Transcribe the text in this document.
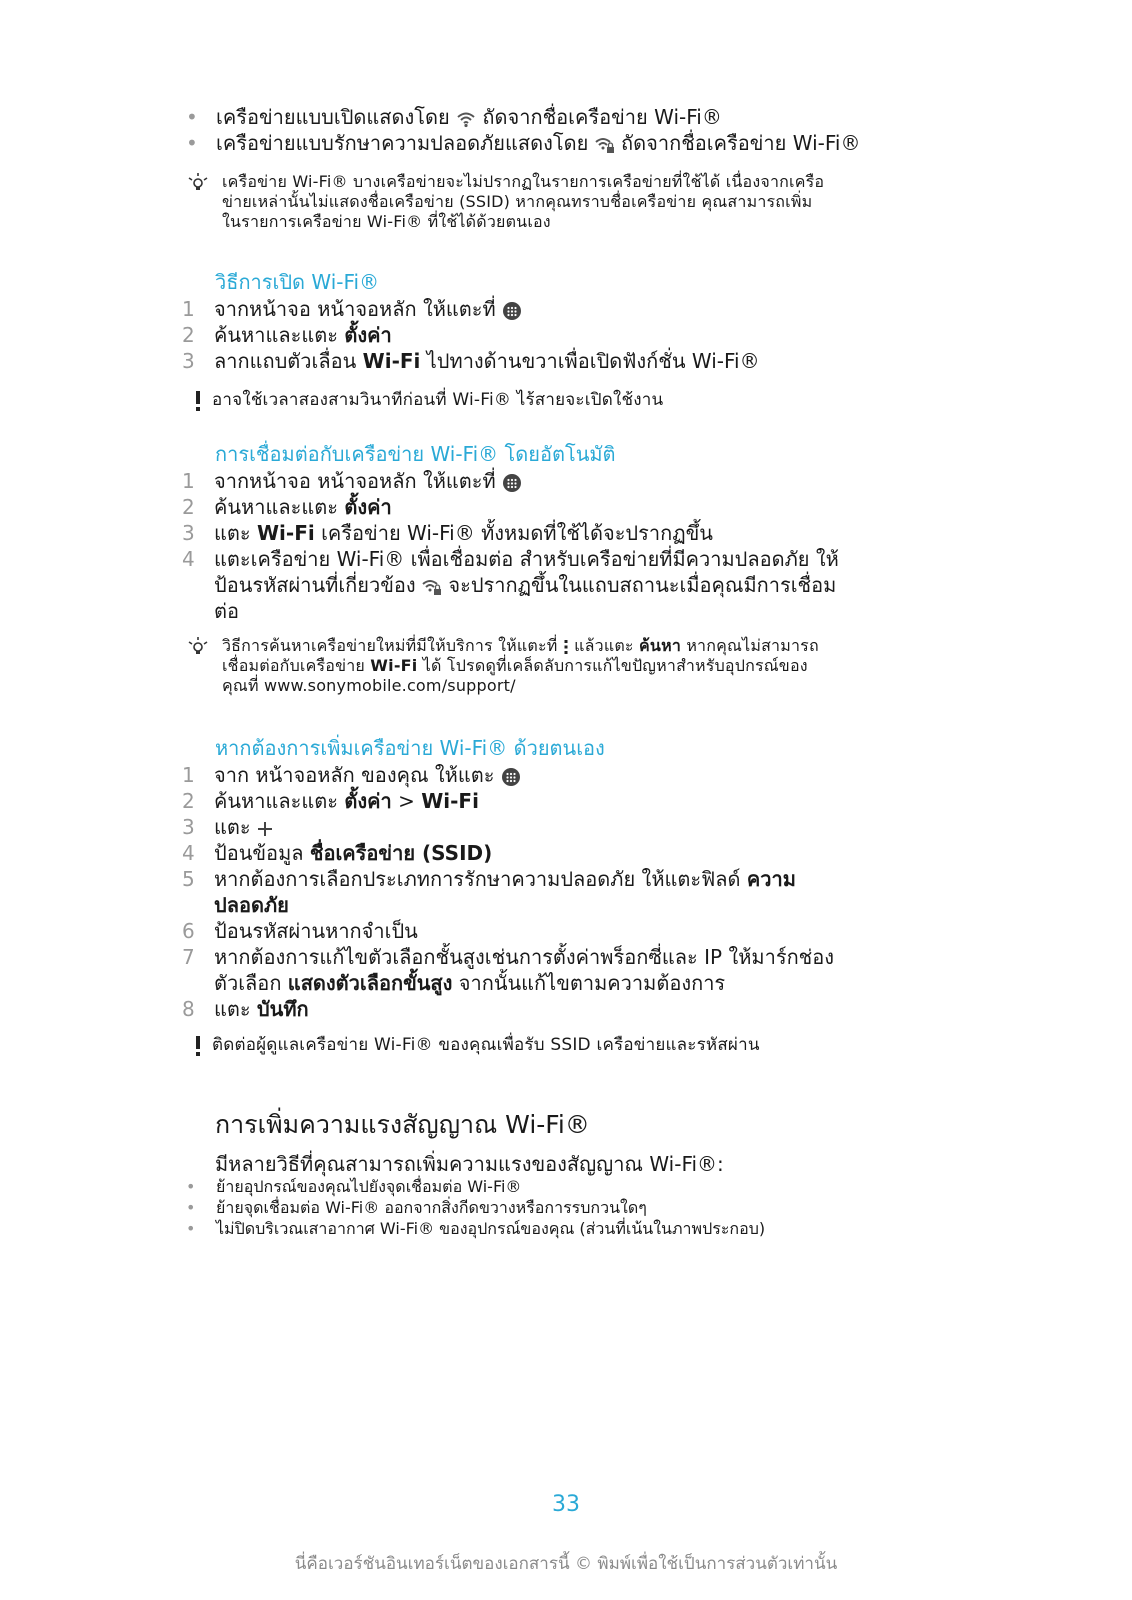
• เครือข่ายแบบเปิดแสดงโดย ถัดจากชื่อเครือข่าย Wi-Fi®
• เครือข่ายแบบรักษาความปลอดภัยแสดงโดย ถัดจากชื่อเครือข่าย Wi-Fi®
เครือข่าย Wi-Fi® บางเครือข่ายจะไม่ปรากฏในรายการเครือข่ายที่ใช้ได้ เนื่องจากเครือ
ข่ายเหล่านั้นไม่แสดงชื่อเครือข่าย (SSID) หากคุณทราบชื่อเครือข่าย คุณสามารถเพิ่ม
ในรายการเครือข่าย Wi-Fi® ที่ใช้ได้ด้วยตนเอง
วิธีการเปิด Wi-Fi®
1 จากหน้าจอ หน้าจอหลัก ให้แตะที่
2 ค้นหาและแตะ ตั้งค่า
3 ลากแถบตัวเลื่อน Wi-Fi ไปทางด้านขวาเพื่อเปิดฟังก์ชั่น Wi-Fi®
อาจใช้เวลาสองสามวินาทีก่อนที่ Wi-Fi® ไร้สายจะเปิดใช้งาน
การเชื่อมต่อกับเครือข่าย Wi-Fi® โดยอัตโนมัติ
1 จากหน้าจอ หน้าจอหลัก ให้แตะที่
2 ค้นหาและแตะ ตั้งค่า
3 แตะ Wi-Fi เครือข่าย Wi-Fi® ทั้งหมดที่ใช้ได้จะปรากฏขึ้น
4 แตะเครือข่าย Wi-Fi® เพื่อเชื่อมต่อ สำหรับเครือข่ายที่มีความปลอดภัย ให้
ป้อนรหัสผ่านที่เกี่ยวข้อง จะปรากฏขึ้นในแถบสถานะเมื่อคุณมีการเชื่อม
ต่อ
วิธีการค้นหาเครือข่ายใหม่ที่มีให้บริการ ให้แตะที่ แล้วแตะ ค้นหา หากคุณไม่สามารถ
เชื่อมต่อกับเครือข่าย Wi-Fi ได้ โปรดดูที่เคล็ดลับการแก้ไขปัญหาสำหรับอุปกรณ์ของ
คุณที่ www.sonymobile.com/support/
หากต้องการเพิ่มเครือข่าย Wi-Fi® ด้วยตนเอง
1 จาก หน้าจอหลัก ของคุณ ให้แตะ
2 ค้นหาและแตะ ตั้งค่า > Wi-Fi
3 แตะ
4 ป้อนข้อมูล ชื่อเครือข่าย (SSID)
5 หากต้องการเลือกประเภทการรักษาความปลอดภัย ให้แตะฟิลด์ ความ
ปลอดภัย
6 ป้อนรหัสผ่านหากจำเป็น
7 หากต้องการแก้ไขตัวเลือกชั้นสูงเช่นการตั้งค่าพร็อกซี่และ IP ให้มาร์กช่อง
ตัวเลือก แสดงตัวเลือกขั้นสูง จากนั้นแก้ไขตามความต้องการ
8 แตะ บันทึก
ติดต่อผู้ดูแลเครือข่าย Wi-Fi® ของคุณเพื่อรับ SSID เครือข่ายและรหัสผ่าน
การเพิ่มความแรงสัญญาณ Wi-Fi®
มีหลายวิธีที่คุณสามารถเพิ่มความแรงของสัญญาณ Wi-Fi®:
• ย้ายอุปกรณ์ของคุณไปยังจุดเชื่อมต่อ Wi-Fi®
• ย้ายจุดเชื่อมต่อ Wi-Fi® ออกจากสิ่งกีดขวางหรือการรบกวนใดๆ
• ไม่ปิดบริเวณเสาอากาศ Wi-Fi® ของอุปกรณ์ของคุณ (ส่วนที่เน้นในภาพประกอบ)
33
นี่คือเวอร์ชันอินเทอร์เน็ตของเอกสารนี้ © พิมพ์เพื่อใช้เป็นการส่วนตัวเท่านั้น
